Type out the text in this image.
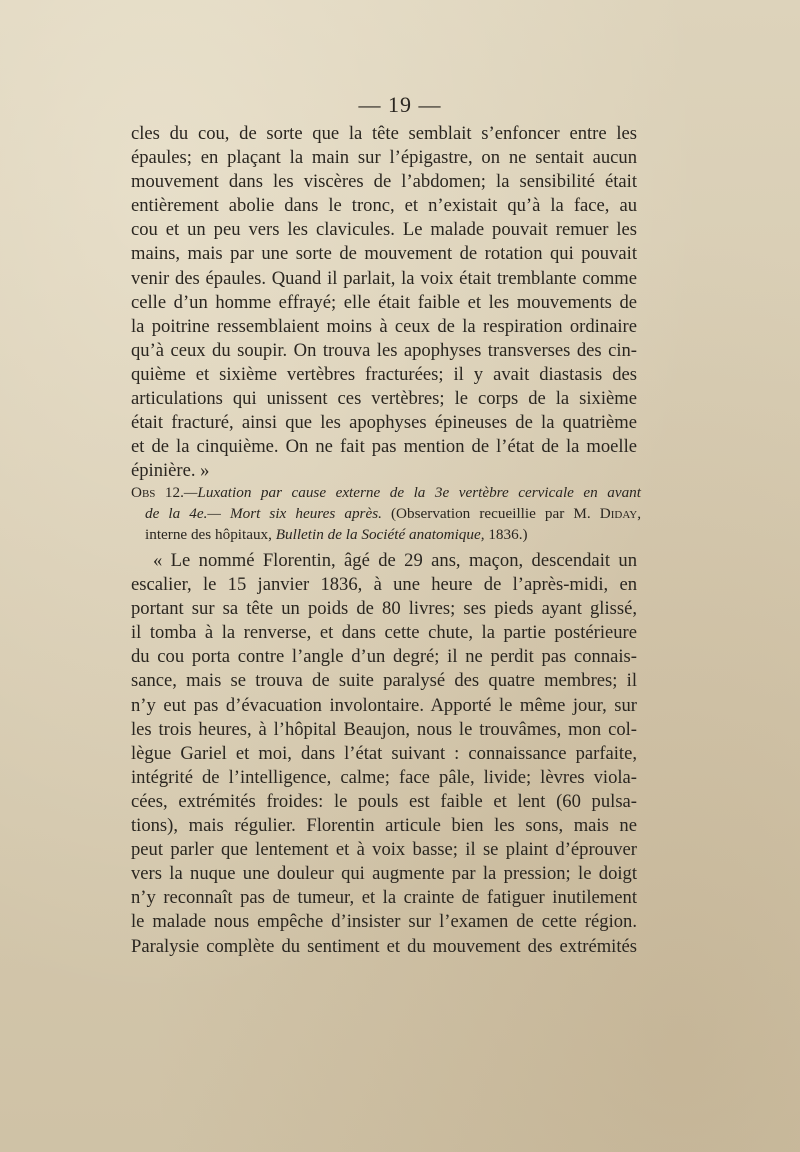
— 19 —
cles du cou, de sorte que la tête semblait s’enfoncer entre les
épaules; en plaçant la main sur l’épigastre, on ne sentait aucun
mouvement dans les viscères de l’abdomen; la sensibilité était
entièrement abolie dans le tronc, et n’existait qu’à la face, au
cou et un peu vers les clavicules. Le malade pouvait remuer les
mains, mais par une sorte de mouvement de rotation qui pouvait
venir des épaules. Quand il parlait, la voix était tremblante comme
celle d’un homme effrayé; elle était faible et les mouvements de
la poitrine ressemblaient moins à ceux de la respiration ordinaire
qu’à ceux du soupir. On trouva les apophyses transverses des cin-
quième et sixième vertèbres fracturées; il y avait diastasis des
articulations qui unissent ces vertèbres; le corps de la sixième
était fracturé, ainsi que les apophyses épineuses de la quatrième
et de la cinquième. On ne fait pas mention de l’état de la moelle
épinière. »
Obs 12.—Luxation par cause externe de la 3e vertèbre cervicale en avant
de la 4e.— Mort six heures après. (Observation recueillie par M. Diday,
interne des hôpitaux, Bulletin de la Société anatomique, 1836.)
« Le nommé Florentin, âgé de 29 ans, maçon, descendait un
escalier, le 15 janvier 1836, à une heure de l’après-midi, en
portant sur sa tête un poids de 80 livres; ses pieds ayant glissé,
il tomba à la renverse, et dans cette chute, la partie postérieure
du cou porta contre l’angle d’un degré; il ne perdit pas connais-
sance, mais se trouva de suite paralysé des quatre membres; il
n’y eut pas d’évacuation involontaire. Apporté le même jour, sur
les trois heures, à l’hôpital Beaujon, nous le trouvâmes, mon col-
lègue Gariel et moi, dans l’état suivant : connaissance parfaite,
intégrité de l’intelligence, calme; face pâle, livide; lèvres viola-
cées, extrémités froides: le pouls est faible et lent (60 pulsa-
tions), mais régulier. Florentin articule bien les sons, mais ne
peut parler que lentement et à voix basse; il se plaint d’éprouver
vers la nuque une douleur qui augmente par la pression; le doigt
n’y reconnaît pas de tumeur, et la crainte de fatiguer inutilement
le malade nous empêche d’insister sur l’examen de cette région.
Paralysie complète du sentiment et du mouvement des extrémités
